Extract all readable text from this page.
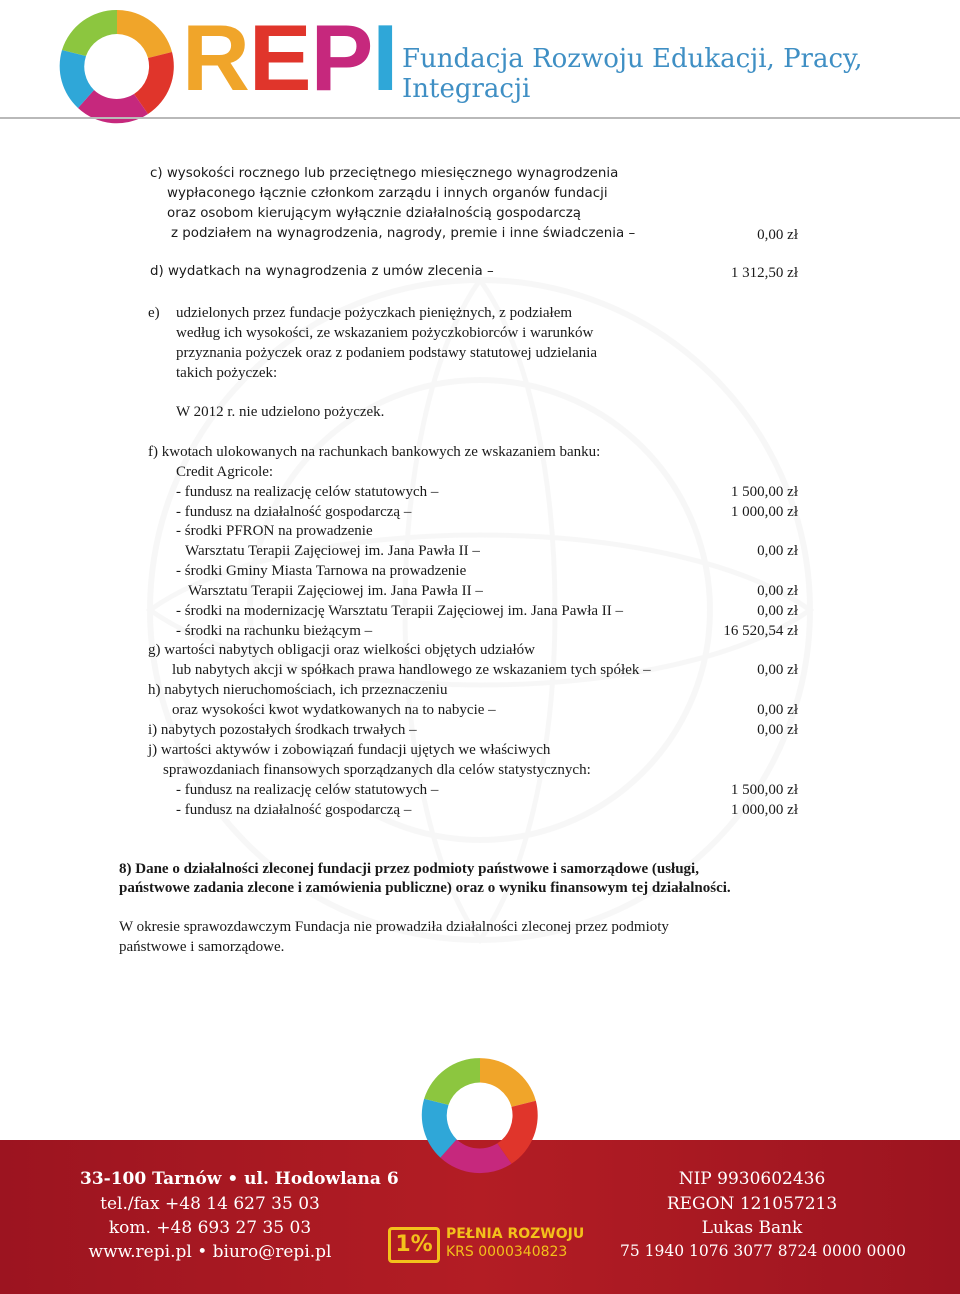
REPI Fundacja Rozwoju Edukacji, Pracy, Integracji
c) wysokości rocznego lub przeciętnego miesięcznego wynagrodzenia
wypłaconego łącznie członkom zarządu i innych organów fundacji
oraz osobom kierującym wyłącznie działalnością gospodarczą
z podziałem na wynagrodzenia, nagrody, premie i inne świadczenia –	0,00 zł
d) wydatkach na wynagrodzenia z umów zlecenia –	1 312,50 zł
e) udzielonych przez fundacje pożyczkach pieniężnych, z podziałem
według ich wysokości, ze wskazaniem pożyczkobiorców i warunków
przyznania pożyczek oraz z podaniem podstawy statutowej udzielania
takich pożyczek:
W 2012 r. nie udzielono pożyczek.
f) kwotach ulokowanych na rachunkach bankowych ze wskazaniem banku:
Credit Agricole:
- fundusz na realizację celów statutowych –	1 500,00 zł
- fundusz na działalność gospodarczą –	1 000,00 zł
- środki PFRON na prowadzenie
Warsztatu Terapii Zajęciowej im. Jana Pawła II –	0,00 zł
- środki Gminy Miasta Tarnowa na prowadzenie
Warsztatu Terapii Zajęciowej im. Jana Pawła II –	0,00 zł
- środki na modernizację Warsztatu Terapii Zajęciowej im. Jana Pawła II –	0,00 zł
- środki na rachunku bieżącym –	16 520,54 zł
g) wartości nabytych obligacji oraz wielkości objętych udziałów
lub nabytych akcji w spółkach prawa handlowego ze wskazaniem tych spółek –	0,00 zł
h) nabytych nieruchomościach, ich przeznaczeniu
oraz wysokości kwot wydatkowanych na to nabycie –	0,00 zł
i) nabytych pozostałych środkach trwałych –	0,00 zł
j) wartości aktywów i zobowiązań fundacji ujętych we właściwych
sprawozdaniach finansowych sporządzanych dla celów statystycznych:
- fundusz na realizację celów statutowych –	1 500,00 zł
- fundusz na działalność gospodarczą –	1 000,00 zł
8) Dane o działalności zleconej fundacji przez podmioty państwowe i samorządowe (usługi,
państwowe zadania zlecone i zamówienia publiczne) oraz o wyniku finansowym tej działalności.
W okresie sprawozdawczym Fundacja nie prowadziła działalności zleconej przez podmioty
państwowe i samorządowe.
33-100 Tarnów • ul. Hodowlana 6
tel./fax +48 14 627 35 03
kom. +48 693 27 35 03
www.repi.pl • biuro@repi.pl	1% PEŁNIA ROZWOJU
KRS 0000340823
NIP 9930602436
REGON 121057213
Lukas Bank
75 1940 1076 3077 8724 0000 0000
